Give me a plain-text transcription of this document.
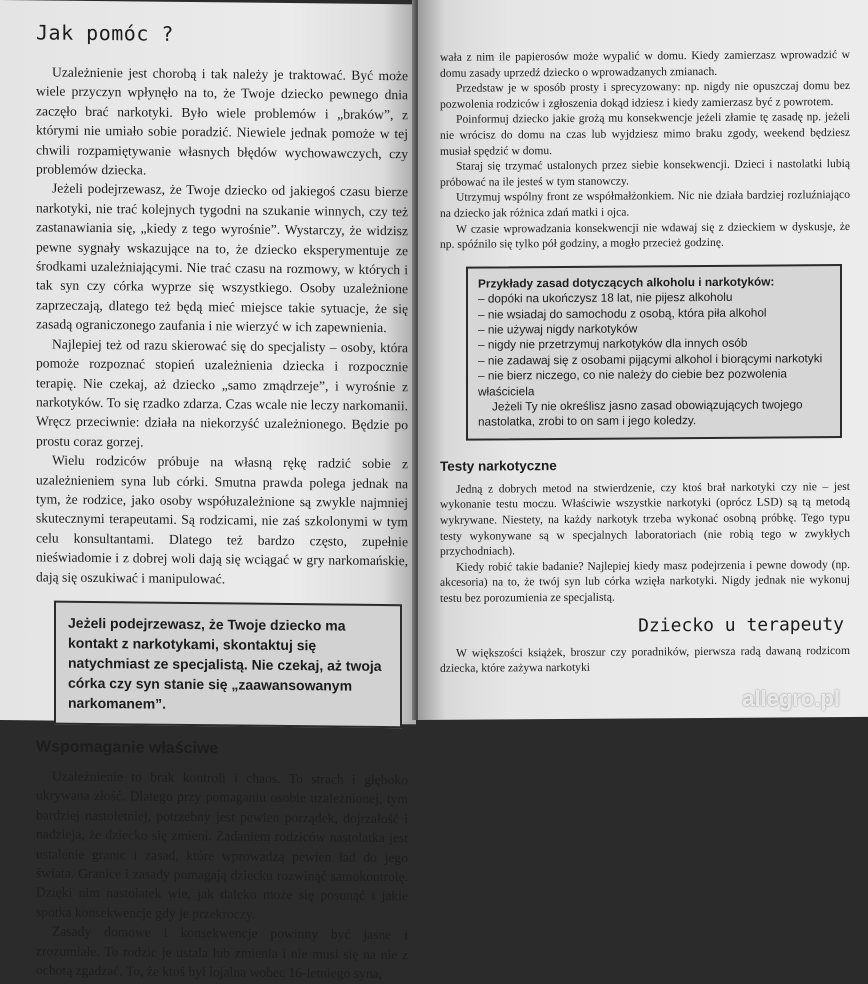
Jak pomóc ?

Uzależnienie jest chorobą i tak należy je traktować. Być może wiele przyczyn wpłynęło na to, że Twoje dziecko pewnego dnia zaczęło brać narkotyki. Było wiele problemów i „braków”, z którymi nie umiało sobie poradzić. Niewiele jednak pomoże w tej chwili rozpamiętywanie własnych błędów wychowawczych, czy problemów dziecka.

Jeżeli podejrzewasz, że Twoje dziecko od jakiegoś czasu bierze narkotyki, nie trać kolejnych tygodni na szukanie winnych, czy też zastanawiania się, „kiedy z tego wyrośnie”. Wystarczy, że widzisz pewne sygnały wskazujące na to, że dziecko eksperymentuje ze środkami uzależniającymi. Nie trać czasu na rozmowy, w których i tak syn czy córka wyprze się wszystkiego. Osoby uzależnione zaprzeczają, dlatego też będą mieć miejsce takie sytuacje, że się zasadą ograniczonego zaufania i nie wierzyć w ich zapewnienia.

Najlepiej też od razu skierować się do specjalisty – osoby, która pomoże rozpoznać stopień uzależnienia dziecka i rozpocznie terapię. Nie czekaj, aż dziecko „samo zmądrzeje”, i wyrośnie z narkotyków. To się rzadko zdarza. Czas wcale nie leczy narkomanii. Wręcz przeciwnie: działa na niekorzyść uzależnionego. Będzie po prostu coraz gorzej.

Wielu rodziców próbuje na własną rękę radzić sobie z uzależnieniem syna lub córki. Smutna prawda polega jednak na tym, że rodzice, jako osoby współuzależnione są zwykle najmniej skutecznymi terapeutami. Są rodzicami, nie zaś szkolonymi w tym celu konsultantami. Dlatego też bardzo często, zupełnie nieświadomie i z dobrej woli dają się wciągać w gry narkomańskie, dają się oszukiwać i manipulować.

Jeżeli podejrzewasz, że Twoje dziecko ma kontakt z narkotykami, skontaktuj się natychmiast ze specjalistą. Nie czekaj, aż twoja córka czy syn stanie się „zaawansowanym narkomanem”.
Wspomaganie właściwe

Uzależnienie to brak kontroli i chaos. To strach i głęboko ukrywana złość. Dlatego przy pomaganiu osobie uzależnionej, tym bardziej nastoletniej, potrzebny jest pewien porządek, dojrzałość i nadzieja, że dziecko się zmieni. Zadaniem rodziców nastolatka jest ustalenie granic i zasad, które wprowadzą pewien ład do jego świata. Granice i zasady pomagają dziecku rozwinąć samokontrolę. Dzięki nim nastolatek wie, jak daleko może się posunąć i jakie spotka konsekwencje gdy je przekroczy.

Zasady domowe i konsekwencje powinny być jasne i zrozumiałe. To rodzic je ustala lub zmienia i nie musi się na nie z ochotą zgadzać. To, że ktoś był lojalna wobec 16-letniego syna,

wała z nim ile papierosów może wypalić w domu. Kiedy zamierzasz wprowadzić w domu zasady uprzedź dziecko o wprowadzanych zmianach.

Przedstaw je w sposób prosty i sprecyzowany: np. nigdy nie opuszczaj domu bez pozwolenia rodziców i zgłoszenia dokąd idziesz i kiedy zamierzasz być z powrotem.

Poinformuj dziecko jakie grożą mu konsekwencje jeżeli złamie tę zasadę np. jeżeli nie wrócisz do domu na czas lub wyjdziesz mimo braku zgody, weekend będziesz musiał spędzić w domu.

Staraj się trzymać ustalonych przez siebie konsekwencji. Dzieci i nastolatki lubią próbować na ile jesteś w tym stanowczy.

Utrzymuj wspólny front ze współmałżonkiem. Nic nie działa bardziej rozluźniająco na dziecko jak różnica zdań matki i ojca.

W czasie wprowadzania konsekwencji nie wdawaj się z dzieckiem w dyskusje, że np. spóźnilo się tylko pół godziny, a mogło przecież godzinę.

Przykłady zasad dotyczących alkoholu i narkotyków:
– dopóki na ukończysz 18 lat, nie pijesz alkoholu
– nie wsiadaj do samochodu z osobą, która piła alkohol
– nie używaj nigdy narkotyków
– nigdy nie przetrzymuj narkotyków dla innych osób
– nie zadawaj się z osobami pijącymi alkohol i biorącymi narkotyki
– nie bierz niczego, co nie należy do ciebie bez pozwolenia właściciela

Jeżeli Ty nie określisz jasno zasad obowiązujących twojego nastolatka, zrobi to on sam i jego koledzy.

Testy narkotyczne

Jedną z dobrych metod na stwierdzenie, czy ktoś brał narkotyki czy nie – jest wykonanie testu moczu. Właściwie wszystkie narkotyki (oprócz LSD) są tą metodą wykrywane. Niestety, na każdy narkotyk trzeba wykonać osobną próbkę. Tego typu testy wykonywane są w specjalnych laboratoriach (nie robią tego w zwykłych przychodniach).

Kiedy robić takie badanie? Najlepiej kiedy masz podejrzenia i pewne dowody (np. akcesoria) na to, że twój syn lub córka wzięła narkotyki. Nigdy jednak nie wykonuj testu bez porozumienia ze specjalistą.

Dziecko u terapeuty

W większości książek, broszur czy poradników, pierwsza radą dawaną rodzicom dziecka, które zażywa narkotyki

allegro.pl
